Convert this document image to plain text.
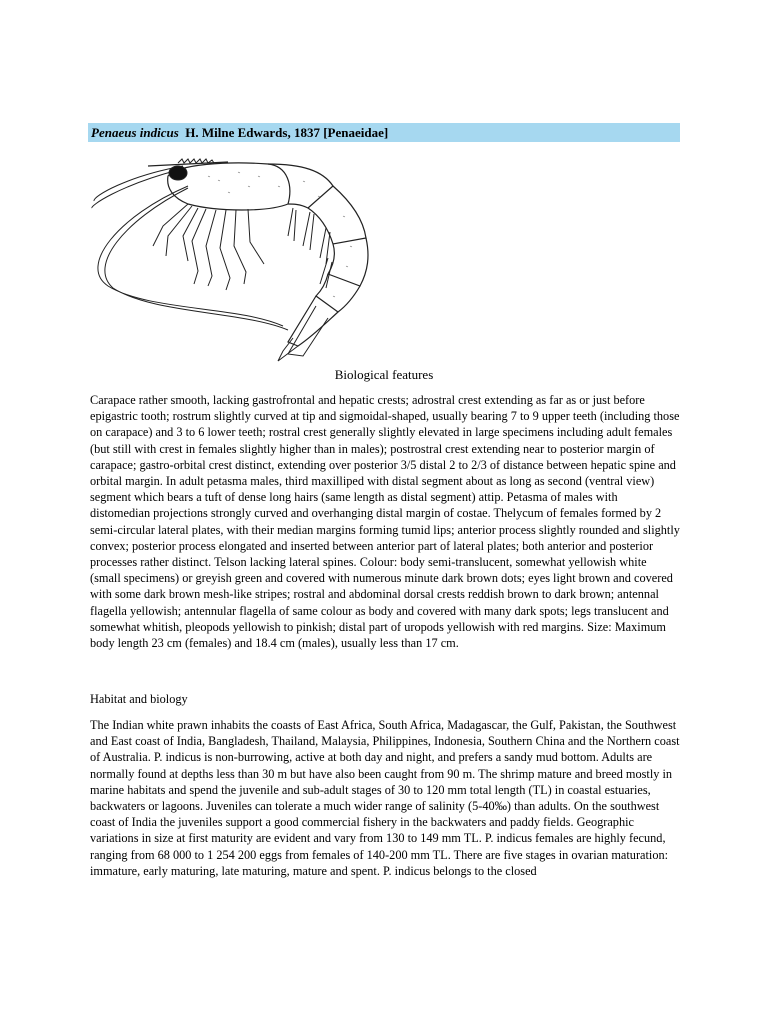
Penaeus indicus H. Milne Edwards, 1837 [Penaeidae]
Biological features

Carapace rather smooth, lacking gastrofrontal and hepatic crests; adrostral crest extending as far as or just before epigastric tooth; rostrum slightly curved at tip and sigmoidal-shaped, usually bearing 7 to 9 upper teeth (including those on carapace) and 3 to 6 lower teeth; rostral crest generally slightly elevated in large specimens including adult females (but still with crest in females slightly higher than in males); postrostral crest extending near to posterior margin of carapace; gastro-orbital crest distinct, extending over posterior 3/5 distal 2 to 2/3 of distance between hepatic spine and orbital margin. In adult petasma males, third maxilliped with distal segment about as long as second (ventral view) segment which bears a tuft of dense long hairs (same length as distal segment) attip. Petasma of males with distomedian projections strongly curved and overhanging distal margin of costae. Thelycum of females formed by 2 semi-circular lateral plates, with their median margins forming tumid lips; anterior process slightly rounded and slightly convex; posterior process elongated and inserted between anterior part of lateral plates; both anterior and posterior processes rather distinct. Telson lacking lateral spines. Colour: body semi-translucent, somewhat yellowish white (small specimens) or greyish green and covered with numerous minute dark brown dots; eyes light brown and covered with some dark brown mesh-like stripes; rostral and abdominal dorsal crests reddish brown to dark brown; antennal flagella yellowish; antennular flagella of same colour as body and covered with many dark spots; legs translucent and somewhat whitish, pleopods yellowish to pinkish; distal part of uropods yellowish with red margins. Size: Maximum body length 23 cm (females) and 18.4 cm (males), usually less than 17 cm.

Habitat and biology

The Indian white prawn inhabits the coasts of East Africa, South Africa, Madagascar, the Gulf, Pakistan, the Southwest and East coast of India, Bangladesh, Thailand, Malaysia, Philippines, Indonesia, Southern China and the Northern coast of Australia. P. indicus is non-burrowing, active at both day and night, and prefers a sandy mud bottom. Adults are normally found at depths less than 30 m but have also been caught from 90 m. The shrimp mature and breed mostly in marine habitats and spend the juvenile and sub-adult stages of 30 to 120 mm total length (TL) in coastal estuaries, backwaters or lagoons. Juveniles can tolerate a much wider range of salinity (5-40‰) than adults. On the southwest coast of India the juveniles support a good commercial fishery in the backwaters and paddy fields. Geographic variations in size at first maturity are evident and vary from 130 to 149 mm TL. P. indicus females are highly fecund, ranging from 68 000 to 1 254 200 eggs from females of 140-200 mm TL. There are five stages in ovarian maturation: immature, early maturing, late maturing, mature and spent. P. indicus belongs to the closed
